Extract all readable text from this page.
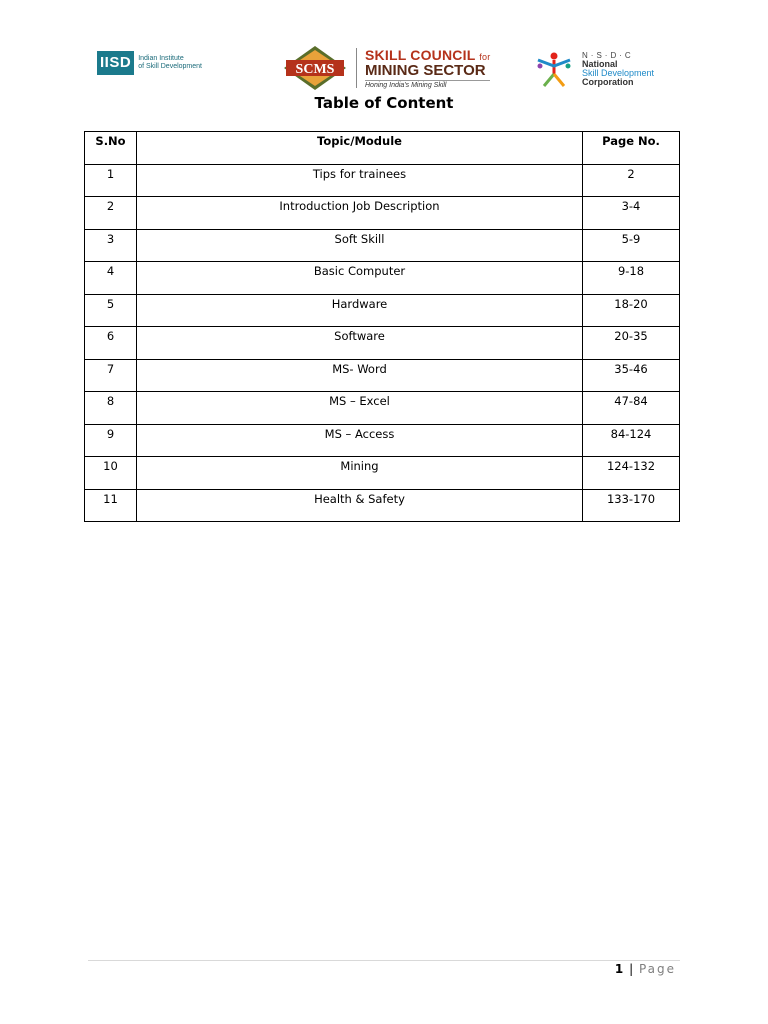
IISD	Indian Institute
of Skill Development	SCMS
SKILL COUNCIL for
MINING SECTOR
Honing India's Mining Skill
N·S·D·C
National
Skill Development
Corporation
Table of Content
S.No	Topic/Module	Page No.
1	Tips for trainees	2
2	Introduction Job Description	3-4
3	Soft Skill	5-9
4	Basic Computer	9-18
5	Hardware	18-20
6	Software	20-35
7	MS- Word	35-46
8	MS – Excel	47-84
9	MS – Access	84-124
10	Mining	124-132
11	Health & Safety	133-170
1 | Page
